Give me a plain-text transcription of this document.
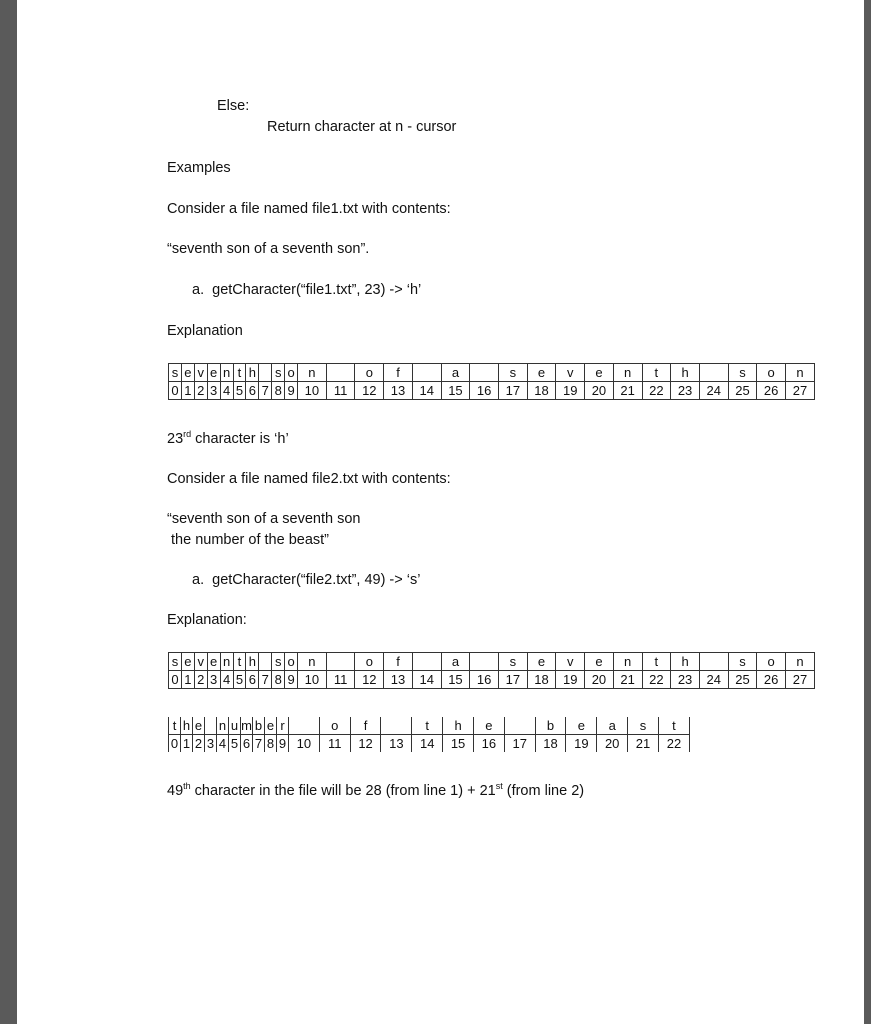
Else:
Return character at n - cursor
Examples
Consider a file named file1.txt with contents:
“seventh son of a seventh son”.
a.  getCharacter(“file1.txt”, 23) -> ‘h’
Explanation
s	e	v	e	n	t	h		s	o	n		o	f		a		s	e	v	e	n	t	h		s	o	n
0	1	2	3	4	5	6	7	8	9	10	11	12	13	14	15	16	17	18	19	20	21	22	23	24	25	26	27
23rd character is ‘h’
Consider a file named file2.txt with contents:
“seventh son of a seventh son
the number of the beast”
a.  getCharacter(“file2.txt”, 49) -> ‘s’
Explanation:
s	e	v	e	n	t	h		s	o	n		o	f		a		s	e	v	e	n	t	h		s	o	n
0	1	2	3	4	5	6	7	8	9	10	11	12	13	14	15	16	17	18	19	20	21	22	23	24	25	26	27
t	h	e		n	u	m	b	e	r		o	f		t	h	e		b	e	a	s	t
0	1	2	3	4	5	6	7	8	9	10	11	12	13	14	15	16	17	18	19	20	21	22
49th character in the file will be 28 (from line 1) + 21st (from line 2)
